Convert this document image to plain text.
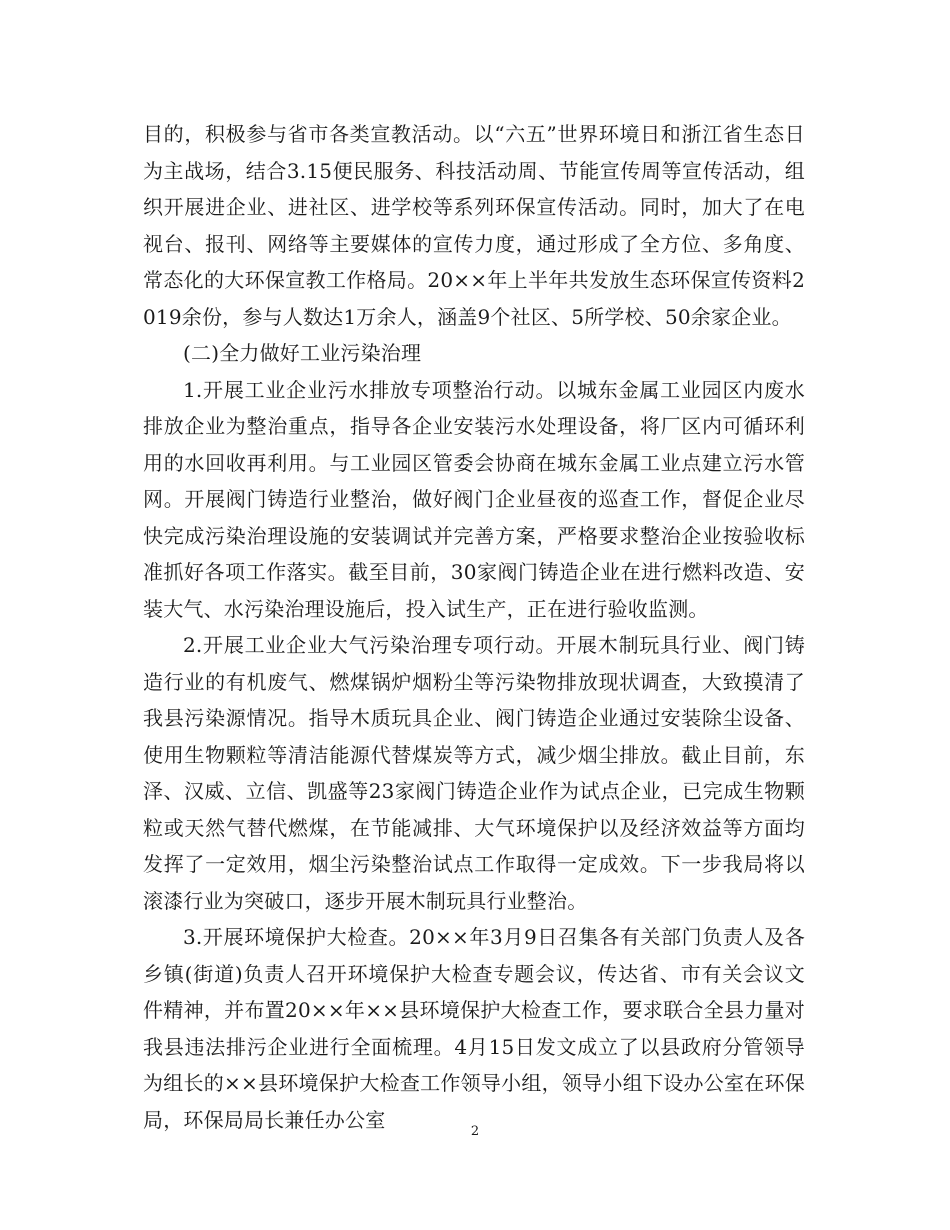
目的，积极参与省市各类宣教活动。以“六五”世界环境日和浙江省生态日为主战场，结合3.15便民服务、科技活动周、节能宣传周等宣传活动，组织开展进企业、进社区、进学校等系列环保宣传活动。同时，加大了在电视台、报刊、网络等主要媒体的宣传力度，通过形成了全方位、多角度、常态化的大环保宣教工作格局。20××年上半年共发放生态环保宣传资料2019余份，参与人数达1万余人，涵盖9个社区、5所学校、50余家企业。

(二)全力做好工业污染治理

1.开展工业企业污水排放专项整治行动。以城东金属工业园区内废水排放企业为整治重点，指导各企业安装污水处理设备，将厂区内可循环利用的水回收再利用。与工业园区管委会协商在城东金属工业点建立污水管网。开展阀门铸造行业整治，做好阀门企业昼夜的巡查工作，督促企业尽快完成污染治理设施的安装调试并完善方案，严格要求整治企业按验收标准抓好各项工作落实。截至目前，30家阀门铸造企业在进行燃料改造、安装大气、水污染治理设施后，投入试生产，正在进行验收监测。

2.开展工业企业大气污染治理专项行动。开展木制玩具行业、阀门铸造行业的有机废气、燃煤锅炉烟粉尘等污染物排放现状调查，大致摸清了我县污染源情况。指导木质玩具企业、阀门铸造企业通过安装除尘设备、使用生物颗粒等清洁能源代替煤炭等方式，减少烟尘排放。截止目前，东泽、汉威、立信、凯盛等23家阀门铸造企业作为试点企业，已完成生物颗粒或天然气替代燃煤，在节能减排、大气环境保护以及经济效益等方面均发挥了一定效用，烟尘污染整治试点工作取得一定成效。下一步我局将以滚漆行业为突破口，逐步开展木制玩具行业整治。

3.开展环境保护大检查。20××年3月9日召集各有关部门负责人及各乡镇(街道)负责人召开环境保护大检查专题会议，传达省、市有关会议文件精神，并布置20××年××县环境保护大检查工作，要求联合全县力量对我县违法排污企业进行全面梳理。4月15日发文成立了以县政府分管领导为组长的××县环境保护大检查工作领导小组，领导小组下设办公室在环保局，环保局局长兼任办公室	2
